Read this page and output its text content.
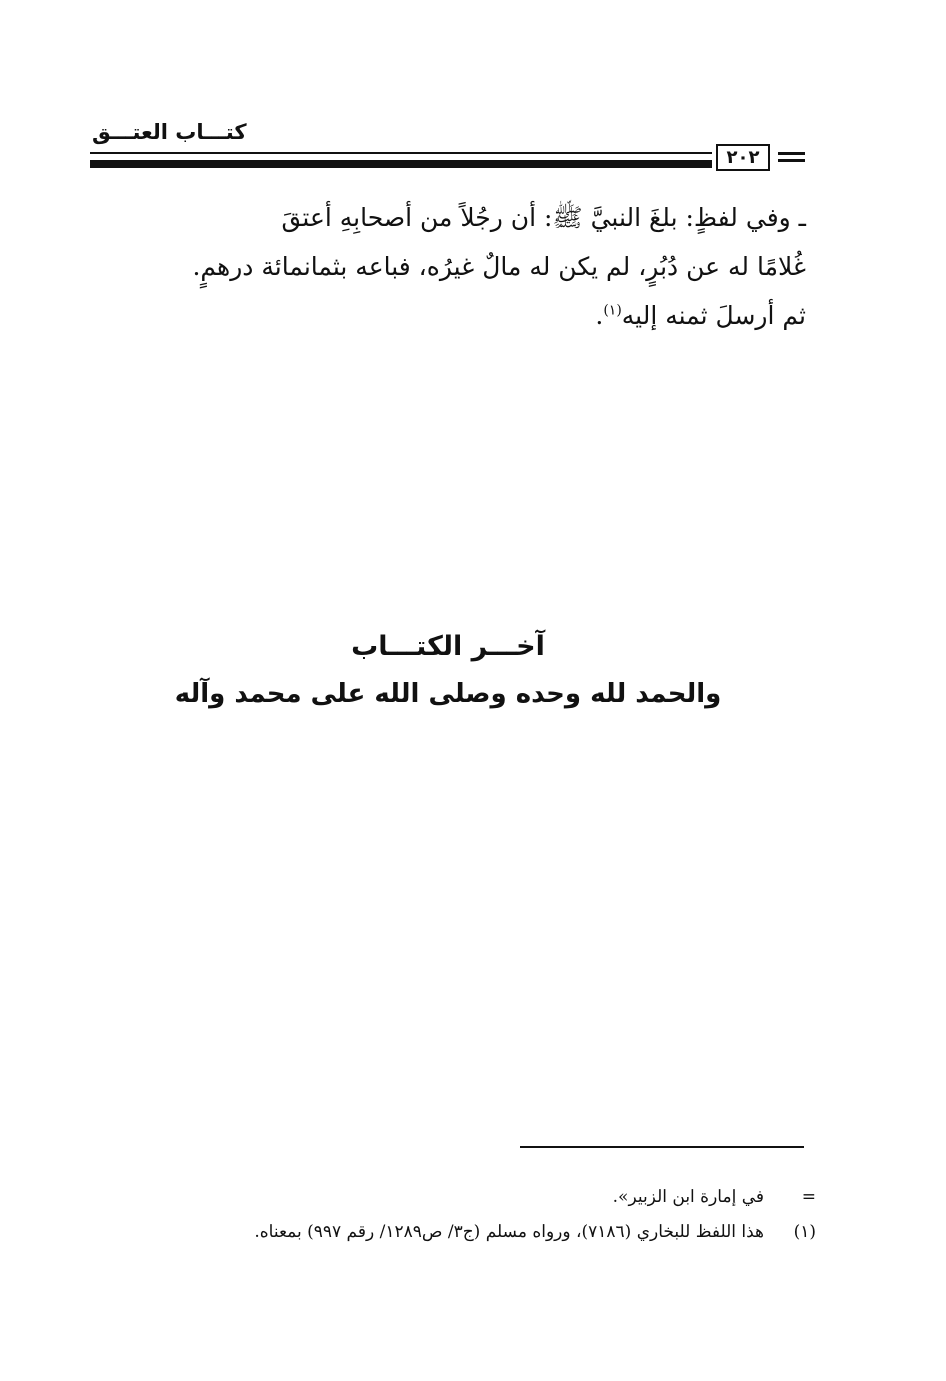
كتـــاب العتـــق
٢٠٢
ـ وفي لفظٍ: بلغَ النبيَّ ﷺ: أن رجُلاً من أصحابِهِ أعتقَ
غُلامًا له عن دُبُرٍ، لم يكن له مالٌ غيرُه، فباعه بثمانمائة درهمٍ.
ثم أرسلَ ثمنه إليه$^{(١)}$.
آخـــر الكتـــاب
والحمد لله وحده وصلى الله على محمد وآله
=في إمارة ابن الزبير».
(١)هذا اللفظ للبخاري (٧١٨٦)، ورواه مسلم (ج٣/ ص١٢٨٩/ رقم ٩٩٧) بمعناه.
